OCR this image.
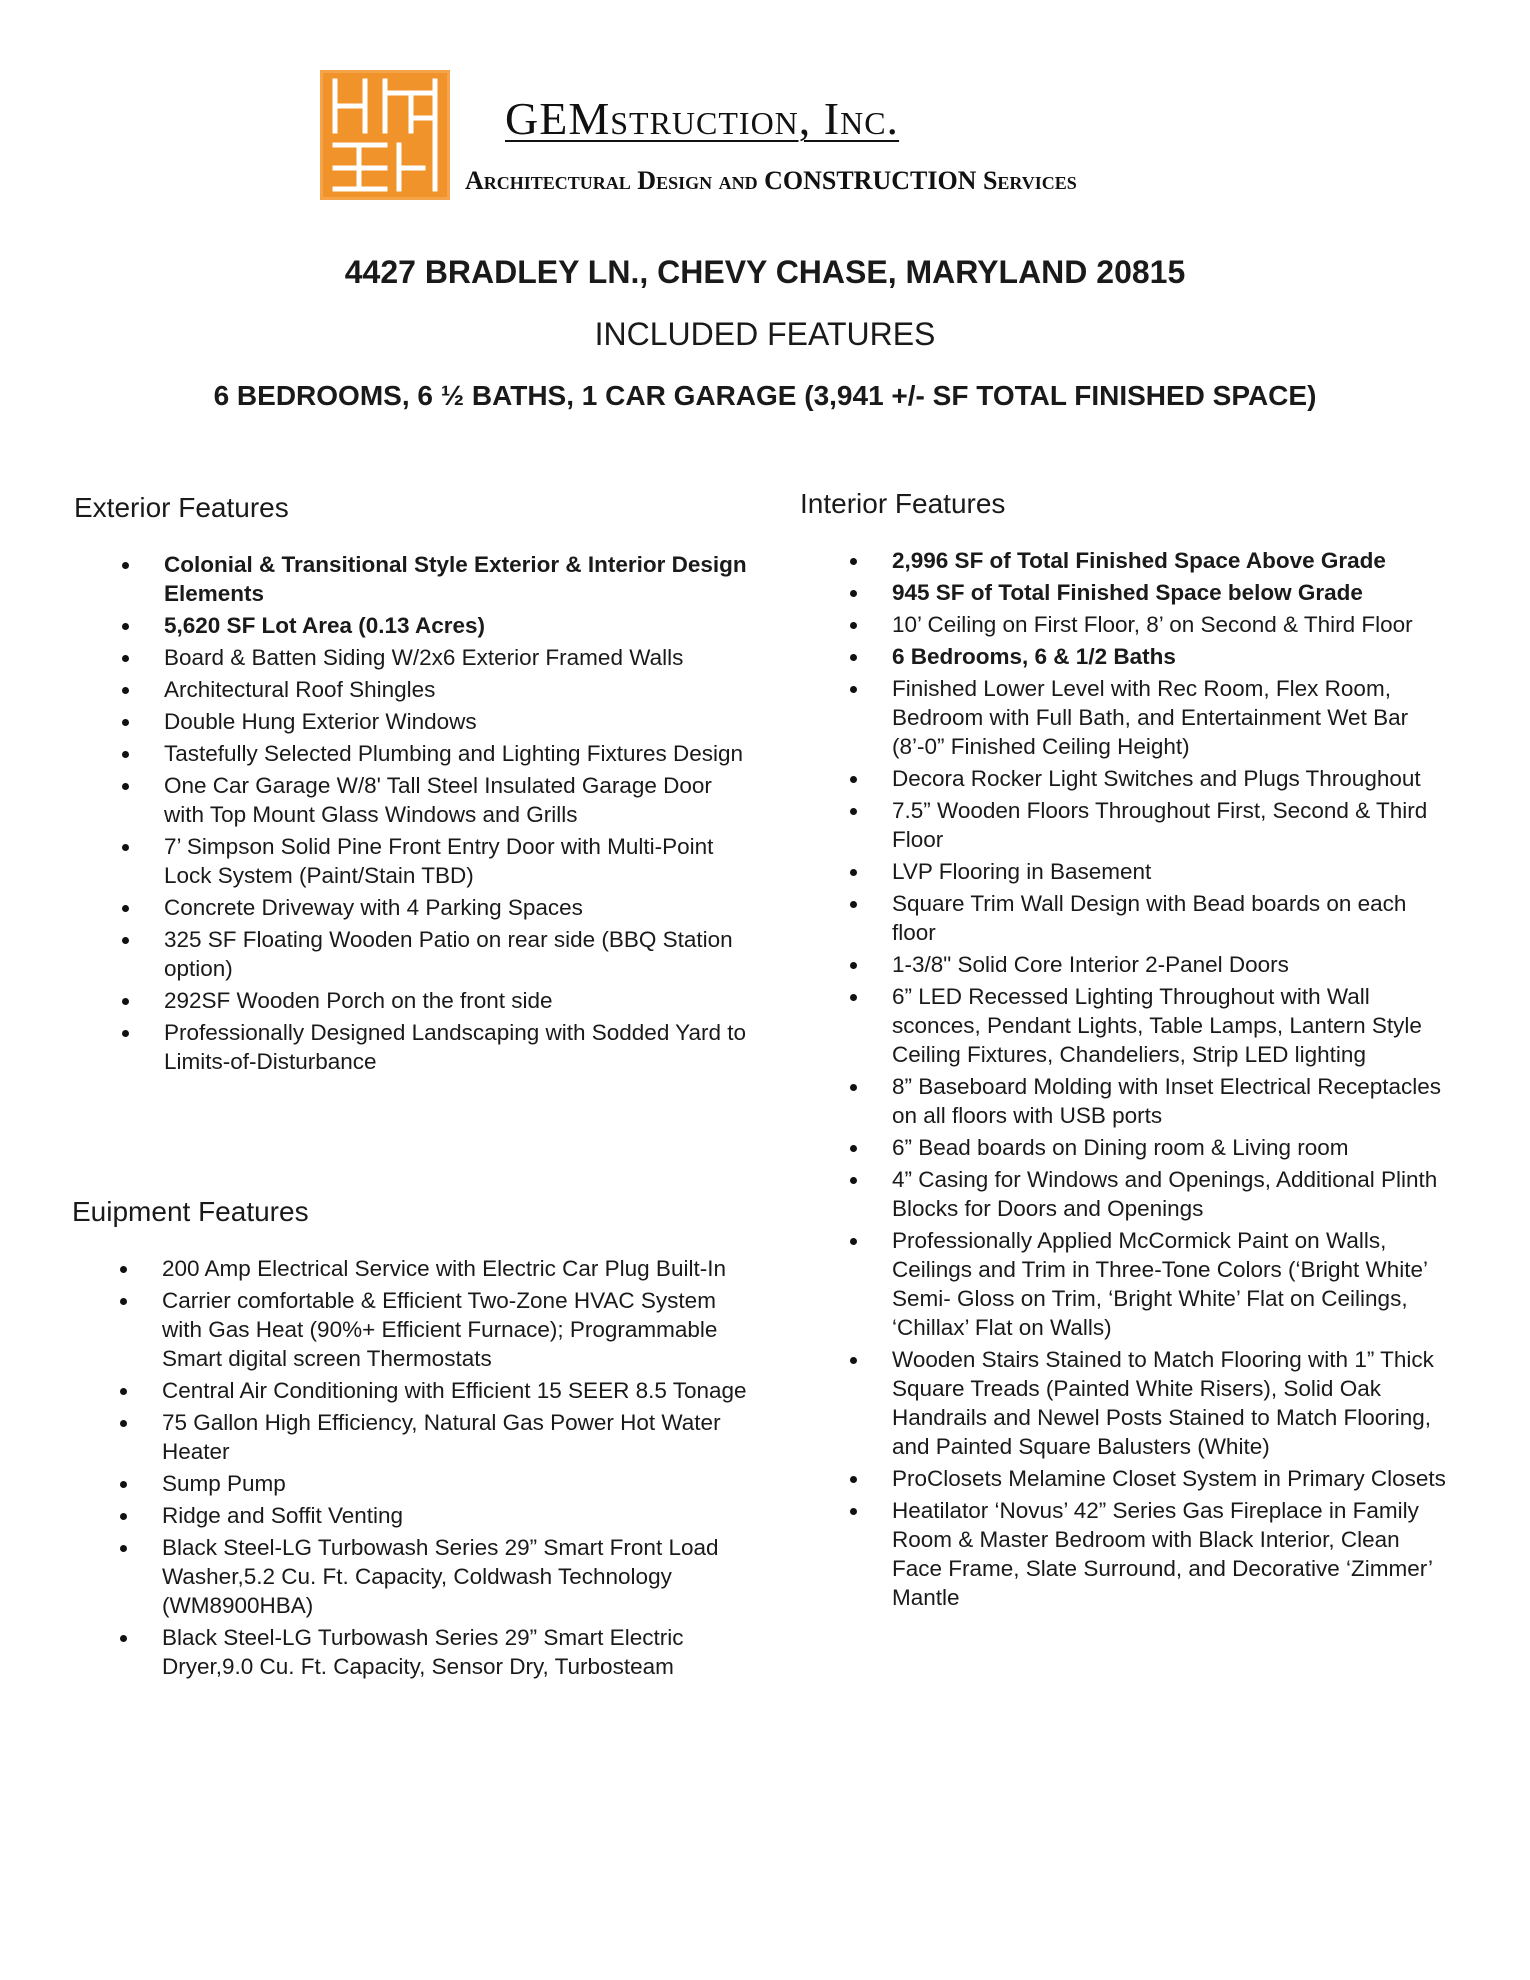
GEMstruction, Inc.
Architectural Design and CONSTRUCTION Services
4427 BRADLEY LN., CHEVY CHASE, MARYLAND 20815
INCLUDED FEATURES
6 BEDROOMS, 6 ½ BATHS, 1 CAR GARAGE (3,941 +/- SF TOTAL FINISHED SPACE)
Exterior Features
Colonial & Transitional Style Exterior & Interior Design Elements
5,620 SF Lot Area (0.13 Acres)
Board & Batten Siding W/2x6 Exterior Framed Walls
Architectural Roof Shingles
Double Hung Exterior Windows
Tastefully Selected Plumbing and Lighting Fixtures Design
One Car Garage W/8' Tall Steel Insulated Garage Door with Top Mount Glass Windows and Grills
7’ Simpson Solid Pine Front Entry Door with Multi-Point Lock System (Paint/Stain TBD)
Concrete Driveway with 4 Parking Spaces
325 SF Floating Wooden Patio on rear side (BBQ Station option)
292SF Wooden Porch on the front side
Professionally Designed Landscaping with Sodded Yard to Limits-of-Disturbance
Euipment Features
200 Amp Electrical Service with Electric Car Plug Built-In
Carrier comfortable & Efficient Two-Zone HVAC System with Gas Heat (90%+ Efficient Furnace); Programmable Smart digital screen Thermostats
Central Air Conditioning with Efficient 15 SEER 8.5 Tonage
75 Gallon High Efficiency, Natural Gas Power Hot Water Heater
Sump Pump
Ridge and Soffit Venting
Black Steel-LG Turbowash Series 29” Smart Front Load Washer,5.2 Cu. Ft. Capacity, Coldwash Technology (WM8900HBA)
Black Steel-LG Turbowash Series 29” Smart Electric Dryer,9.0 Cu. Ft. Capacity, Sensor Dry, Turbosteam
Interior Features
2,996 SF of Total Finished Space Above Grade
945 SF of Total Finished Space below Grade
10’ Ceiling on First Floor, 8’ on Second & Third Floor
6 Bedrooms, 6 & 1/2 Baths
Finished Lower Level with Rec Room, Flex Room, Bedroom with Full Bath, and Entertainment Wet Bar (8’-0” Finished Ceiling Height)
Decora Rocker Light Switches and Plugs Throughout
7.5” Wooden Floors Throughout First, Second & Third Floor
LVP Flooring in Basement
Square Trim Wall Design with Bead boards on each floor
1-3/8" Solid Core Interior 2-Panel Doors
6” LED Recessed Lighting Throughout with Wall sconces, Pendant Lights, Table Lamps, Lantern Style Ceiling Fixtures, Chandeliers, Strip LED lighting
8” Baseboard Molding with Inset Electrical Receptacles on all floors with USB ports
6” Bead boards on Dining room & Living room
4” Casing for Windows and Openings, Additional Plinth Blocks for Doors and Openings
Professionally Applied McCormick Paint on Walls, Ceilings and Trim in Three-Tone Colors (‘Bright White’ Semi- Gloss on Trim, ‘Bright White’ Flat on Ceilings, ‘Chillax’ Flat on Walls)
Wooden Stairs Stained to Match Flooring with 1” Thick Square Treads (Painted White Risers), Solid Oak Handrails and Newel Posts Stained to Match Flooring, and Painted Square Balusters (White)
ProClosets Melamine Closet System in Primary Closets
Heatilator ‘Novus’ 42” Series Gas Fireplace in Family Room & Master Bedroom with Black Interior, Clean Face Frame, Slate Surround, and Decorative ‘Zimmer’ Mantle
